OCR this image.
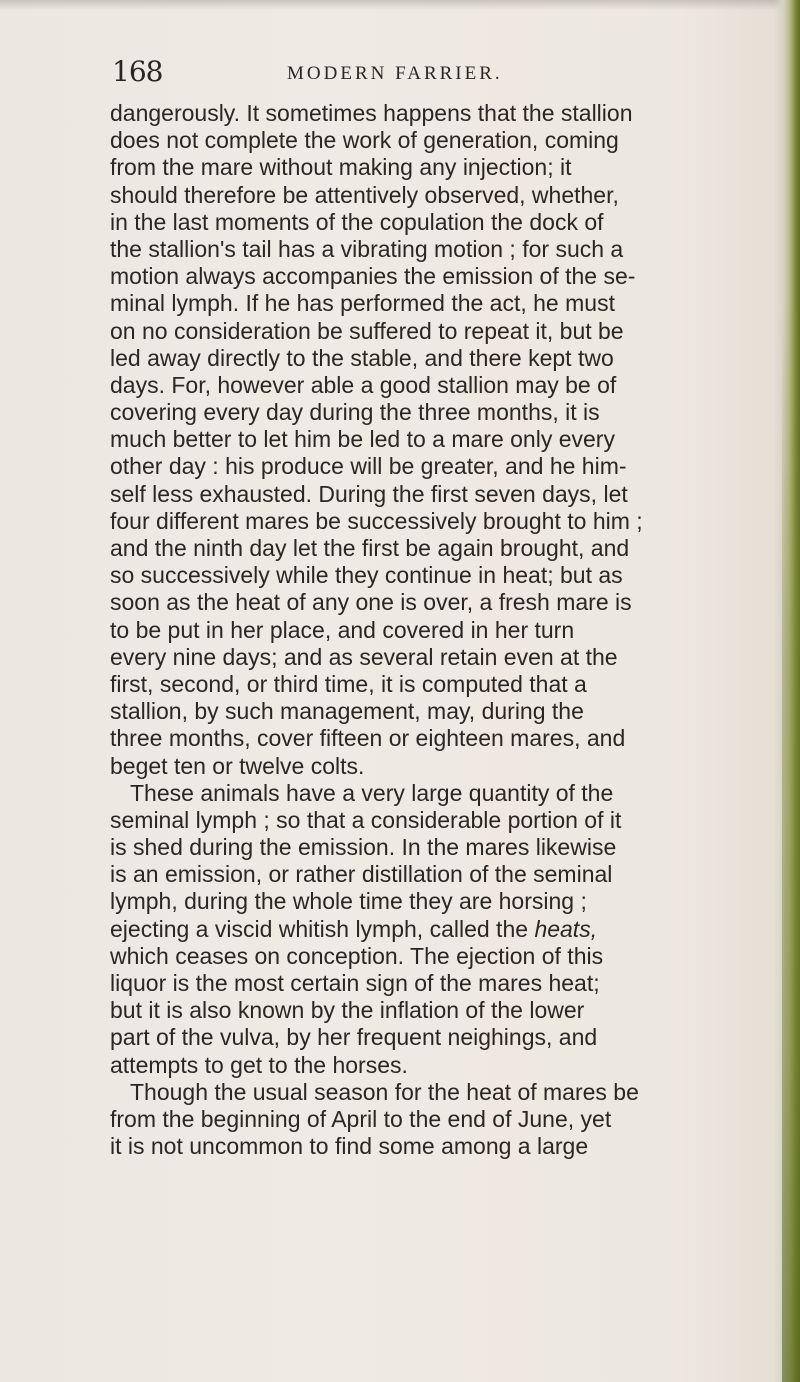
168	MODERN FARRIER.
dangerously. It sometimes happens that the stallion
does not complete the work of generation, coming
from the mare without making any injection; it
should therefore be attentively observed, whether,
in the last moments of the copulation the dock of
the stallion's tail has a vibrating motion ; for such a
motion always accompanies the emission of the se-
minal lymph. If he has performed the act, he must
on no consideration be suffered to repeat it, but be
led away directly to the stable, and there kept two
days. For, however able a good stallion may be of
covering every day during the three months, it is
much better to let him be led to a mare only every
other day : his produce will be greater, and he him-
self less exhausted. During the first seven days, let
four different mares be successively brought to him ;
and the ninth day let the first be again brought, and
so successively while they continue in heat; but as
soon as the heat of any one is over, a fresh mare is
to be put in her place, and covered in her turn
every nine days; and as several retain even at the
first, second, or third time, it is computed that a
stallion, by such management, may, during the
three months, cover fifteen or eighteen mares, and
beget ten or twelve colts.
These animals have a very large quantity of the
seminal lymph ; so that a considerable portion of it
is shed during the emission. In the mares likewise
is an emission, or rather distillation of the seminal
lymph, during the whole time they are horsing ;
ejecting a viscid whitish lymph, called the heats,
which ceases on conception. The ejection of this
liquor is the most certain sign of the mares heat;
but it is also known by the inflation of the lower
part of the vulva, by her frequent neighings, and
attempts to get to the horses.
Though the usual season for the heat of mares be
from the beginning of April to the end of June, yet
it is not uncommon to find some among a large
